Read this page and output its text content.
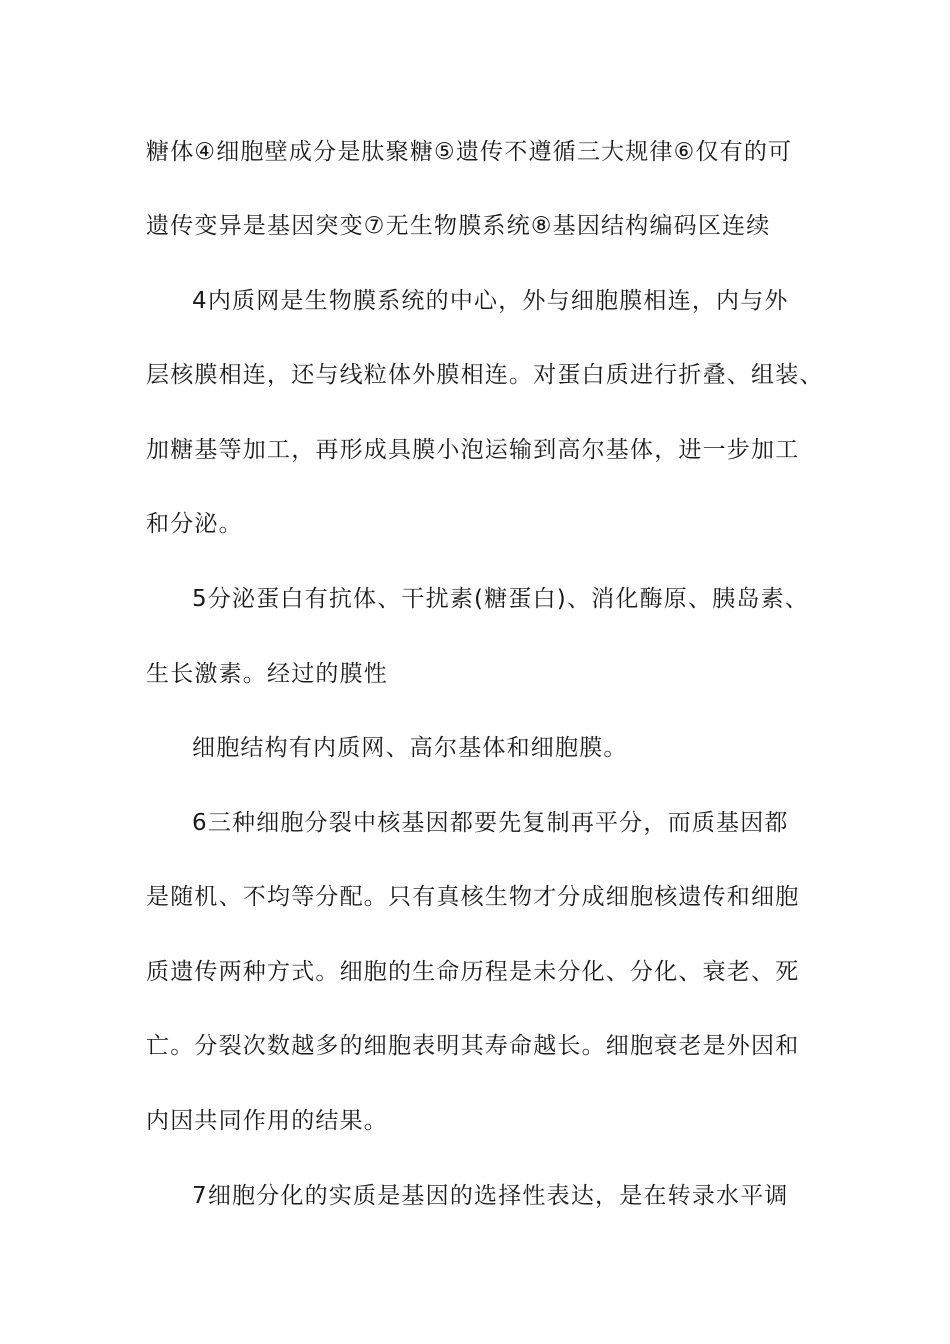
糖体④细胞壁成分是肽聚糖⑤遗传不遵循三大规律⑥仅有的可
遗传变异是基因突变⑦无生物膜系统⑧基因结构编码区连续
4内质网是生物膜系统的中心，外与细胞膜相连，内与外
层核膜相连，还与线粒体外膜相连。对蛋白质进行折叠、组装、
加糖基等加工，再形成具膜小泡运输到高尔基体，进一步加工
和分泌。
5分泌蛋白有抗体、干扰素(糖蛋白)、消化酶原、胰岛素、
生长激素。经过的膜性
细胞结构有内质网、高尔基体和细胞膜。
6三种细胞分裂中核基因都要先复制再平分，而质基因都
是随机、不均等分配。只有真核生物才分成细胞核遗传和细胞
质遗传两种方式。细胞的生命历程是未分化、分化、衰老、死
亡。分裂次数越多的细胞表明其寿命越长。细胞衰老是外因和
内因共同作用的结果。
7细胞分化的实质是基因的选择性表达，是在转录水平调
